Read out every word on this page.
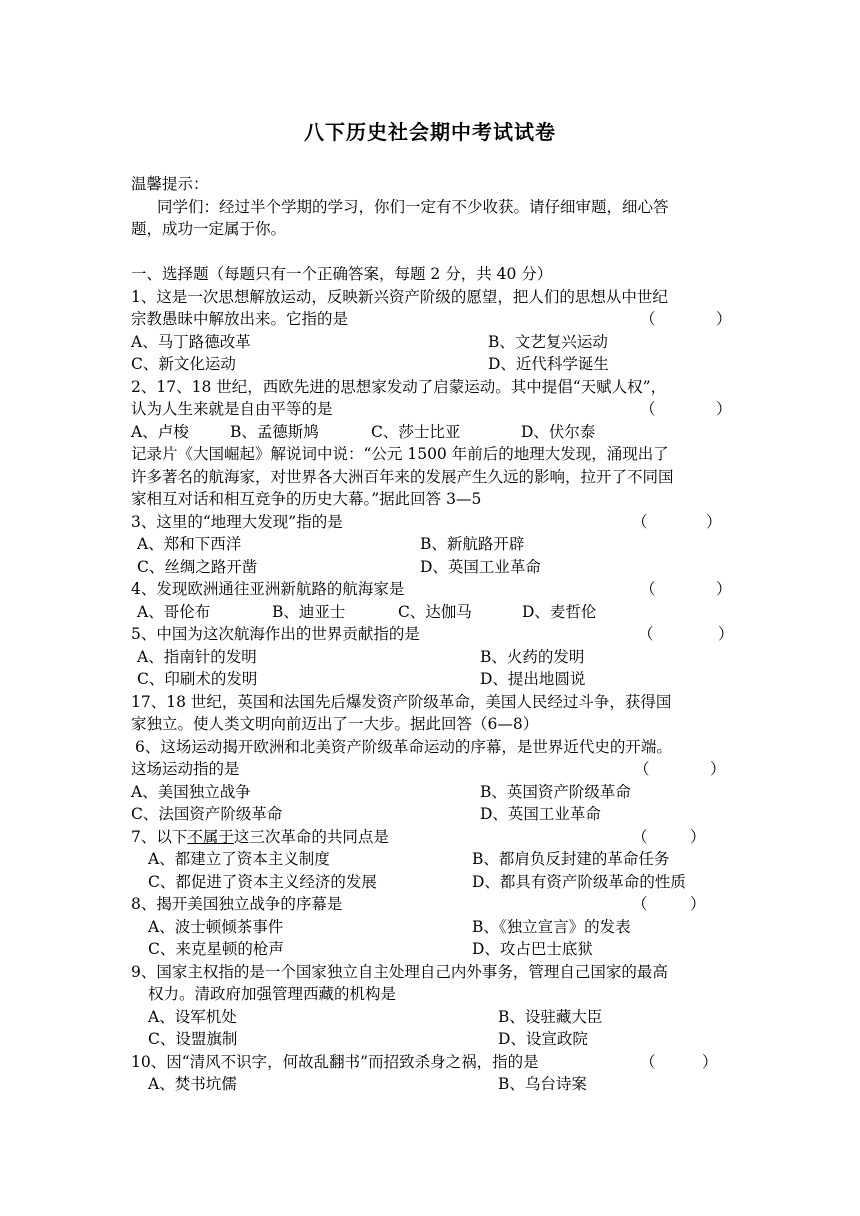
八下历史社会期中考试试卷
温馨提示：
同学们：经过半个学期的学习，你们一定有不少收获。请仔细审题，细心答
题，成功一定属于你。
一、选择题（每题只有一个正确答案，每题 2 分，共 40 分）
1、这是一次思想解放运动，反映新兴资产阶级的愿望，把人们的思想从中世纪
宗教愚昧中解放出来。它指的是	（	）
A、马丁路德改革	B、文艺复兴运动
C、新文化运动	D、近代科学诞生
2、17、18 世纪，西欧先进的思想家发动了启蒙运动。其中提倡“天赋人权”，
认为人生来就是自由平等的是	（	）
A、卢梭	B、孟德斯鸠	C、莎士比亚	D、伏尔泰
记录片《大国崛起》解说词中说：“公元 1500 年前后的地理大发现，涌现出了
许多著名的航海家，对世界各大洲百年来的发展产生久远的影响，拉开了不同国
家相互对话和相互竞争的历史大幕。”据此回答 3—5
3、这里的“地理大发现”指的是	（	）
A、郑和下西洋	B、新航路开辟
C、丝绸之路开凿	D、英国工业革命
4、发现欧洲通往亚洲新航路的航海家是	（	）
A、哥伦布	B、迪亚士	C、达伽马	D、麦哲伦
5、中国为这次航海作出的世界贡献指的是	（	）
A、指南针的发明	B、火药的发明
C、印刷术的发明	D、提出地圆说
17、18 世纪，英国和法国先后爆发资产阶级革命，美国人民经过斗争，获得国
家独立。使人类文明向前迈出了一大步。据此回答（6—8）
6、这场运动揭开欧洲和北美资产阶级革命运动的序幕，是世界近代史的开端。
这场运动指的是	（	）
A、美国独立战争	B、英国资产阶级革命
C、法国资产阶级革命	D、英国工业革命
7、以下不属于这三次革命的共同点是	（	）
A、都建立了资本主义制度	B、都肩负反封建的革命任务
C、都促进了资本主义经济的发展	D、都具有资产阶级革命的性质
8、揭开美国独立战争的序幕是	（	）
A、波士顿倾茶事件	B、《独立宣言》的发表
C、来克星顿的枪声	D、攻占巴士底狱
9、国家主权指的是一个国家独立自主处理自己内外事务，管理自己国家的最高
权力。清政府加强管理西藏的机构是
A、设军机处	B、设驻藏大臣
C、设盟旗制	D、设宣政院
10、因“清风不识字，何故乱翻书”而招致杀身之祸，指的是	（	）
A、焚书坑儒	B、乌台诗案
